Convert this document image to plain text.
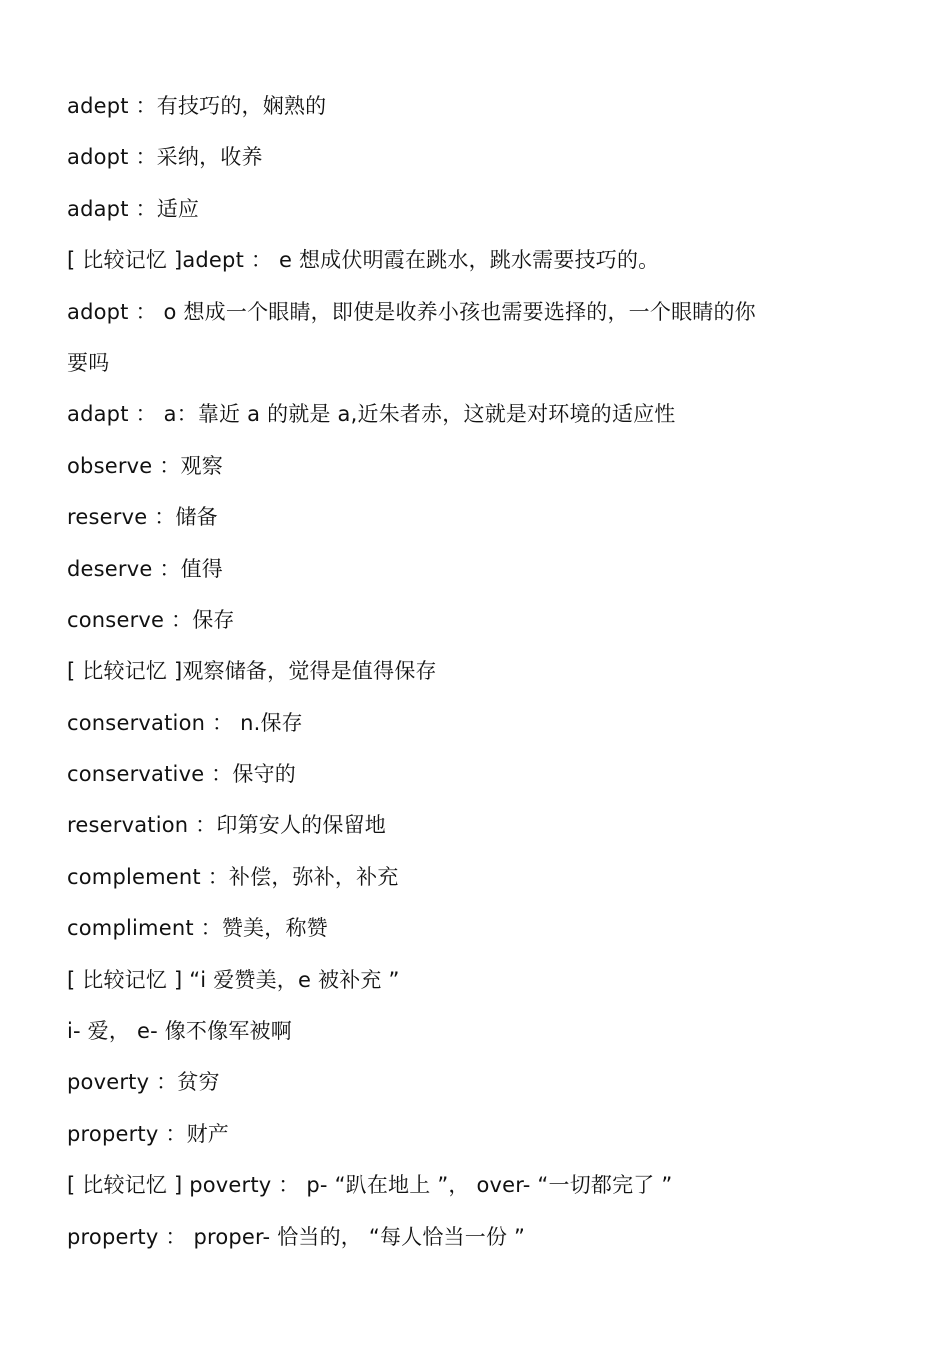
adept ：有技巧的，娴熟的
adopt ：采纳，收养
adapt ：适应
[ 比较记忆 ]adept ： e 想成伏明霞在跳水，跳水需要技巧的。
adopt ： o 想成一个眼睛，即使是收养小孩也需要选择的，一个眼睛的你
要吗
adapt ： a：靠近 a 的就是 a,近朱者赤，这就是对环境的适应性
observe ：观察
reserve ：储备
deserve ：值得
conserve ：保存
[ 比较记忆 ]观察储备，觉得是值得保存
conservation ： n.保存
conservative ：保守的
reservation ：印第安人的保留地
complement ：补偿，弥补，补充
compliment ：赞美，称赞
[ 比较记忆 ] “i 爱赞美，e 被补充 ”
i- 爱， e- 像不像军被啊
poverty ：贫穷
property ：财产
[ 比较记忆 ] poverty ： p- “趴在地上 ”， over- “一切都完了 ”
property ： proper- 恰当的， “每人恰当一份 ”
